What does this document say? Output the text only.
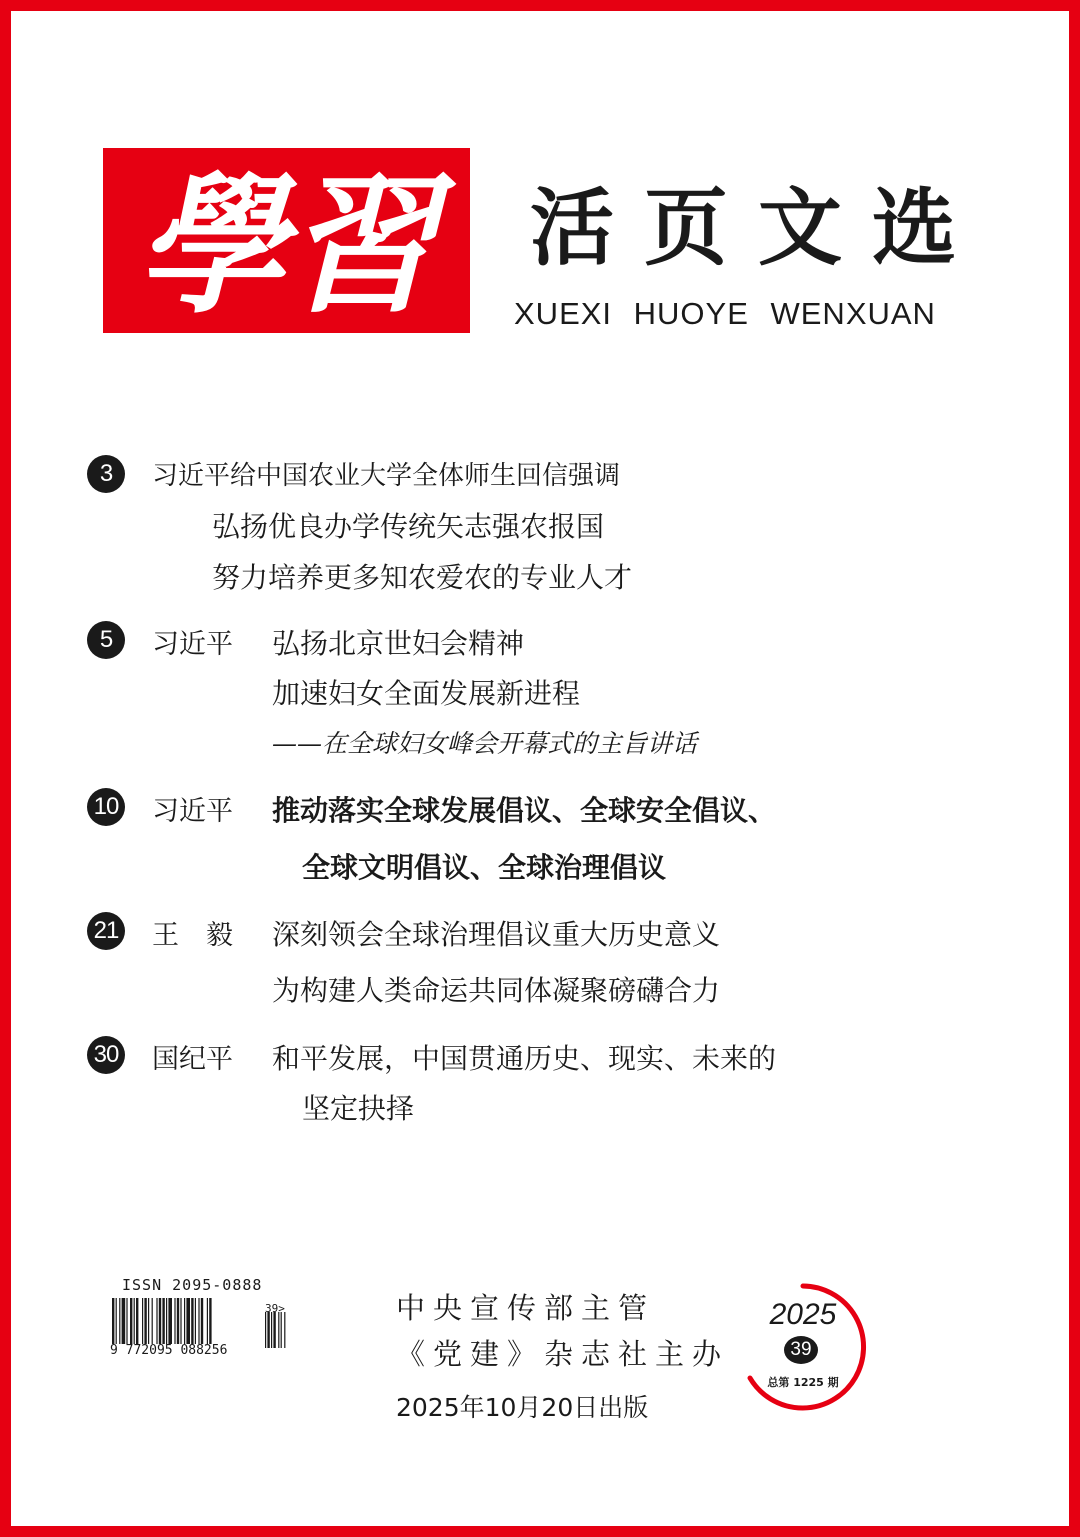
學習 活页文选
XUEXI HUOYE WENXUAN
3	习近平给中国农业大学全体师生回信强调
弘扬优良办学传统矢志强农报国
努力培养更多知农爱农的专业人才
5	习近平 弘扬北京世妇会精神
加速妇女全面发展新进程
——在全球妇女峰会开幕式的主旨讲话
10 习近平 推动落实全球发展倡议、全球安全倡议、
全球文明倡议、全球治理倡议
21 王　毅 深刻领会全球治理倡议重大历史意义
为构建人类命运共同体凝聚磅礴合力
30 国纪平 和平发展，中国贯通历史、现实、未来的
坚定抉择
ISSN 2095-0888
9 772095 088256
39>	中央宣传部主管
《党建》杂志社主办
2025年10月20日出版
2025
39
总第 1225 期
